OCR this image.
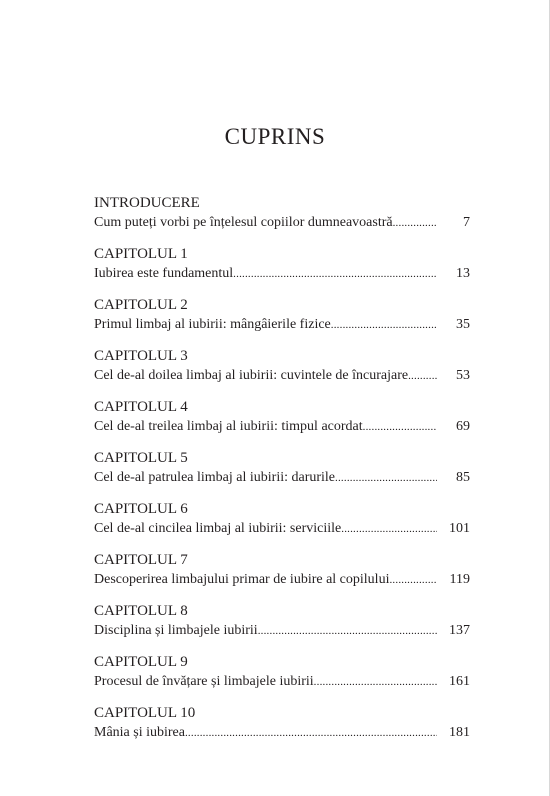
CUPRINS
INTRODUCERE
Cum puteți vorbi pe înțelesul copiilor dumneavoastră .....	7
CAPITOLUL 1
Iubirea este fundamentul .....	13
CAPITOLUL 2
Primul limbaj al iubirii: mângâierile fizice .....	35
CAPITOLUL 3
Cel de-al doilea limbaj al iubirii: cuvintele de încurajare .....	53
CAPITOLUL 4
Cel de-al treilea limbaj al iubirii: timpul acordat .....	69
CAPITOLUL 5
Cel de-al patrulea limbaj al iubirii: darurile .....	85
CAPITOLUL 6
Cel de-al cincilea limbaj al iubirii: serviciile .....	101
CAPITOLUL 7
Descoperirea limbajului primar de iubire al copilului .....	119
CAPITOLUL 8
Disciplina și limbajele iubirii .....	137
CAPITOLUL 9
Procesul de învățare și limbajele iubirii .....	161
CAPITOLUL 10
Mânia și iubirea .....	181
